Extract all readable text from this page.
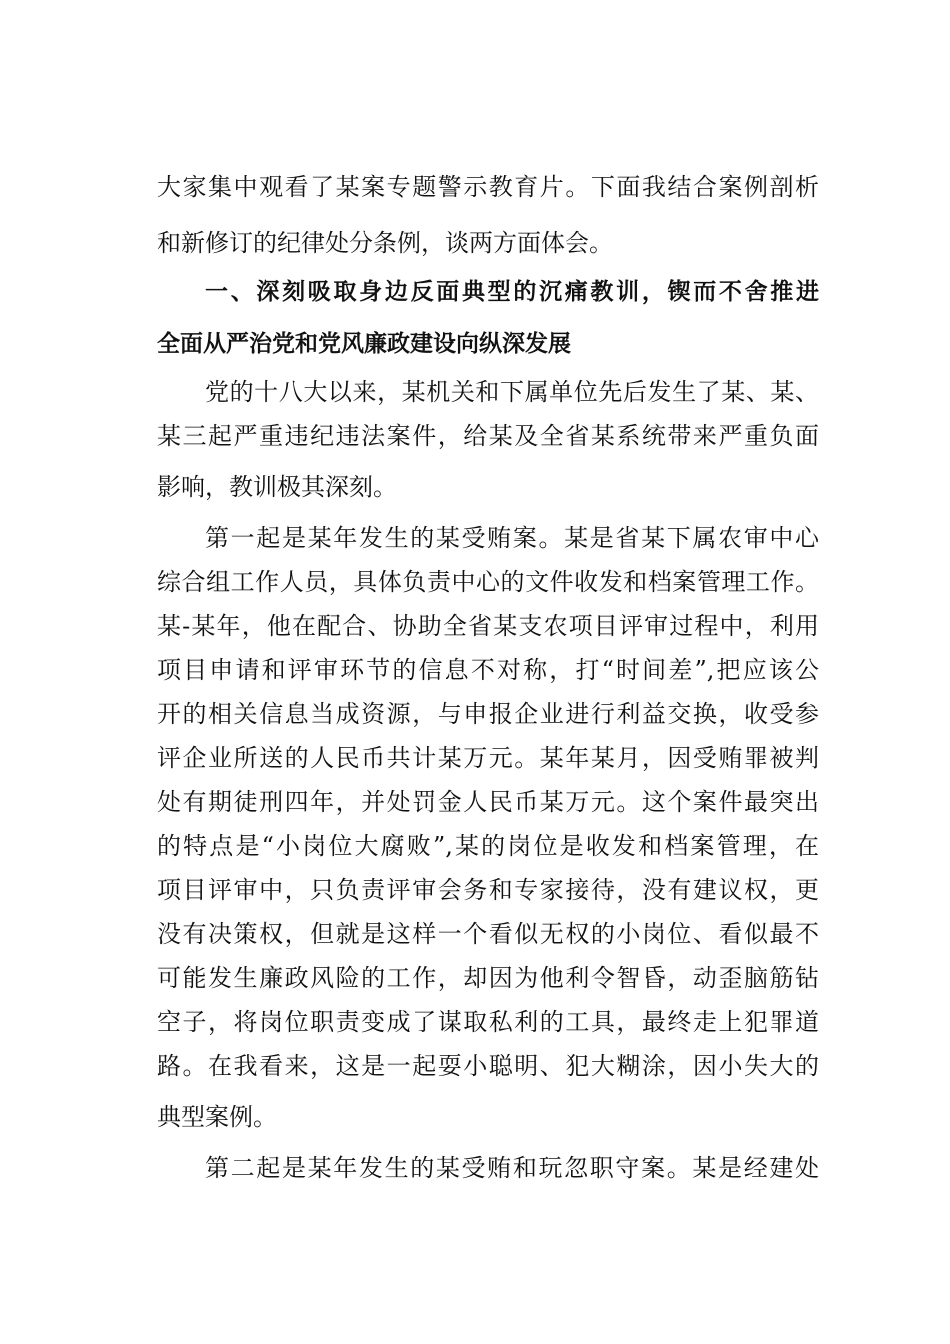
大家集中观看了某案专题警示教育片。下面我结合案例剖析
和新修订的纪律处分条例，谈两方面体会。
一、深刻吸取身边反面典型的沉痛教训，锲而不舍推进
全面从严治党和党风廉政建设向纵深发展
党的十八大以来，某机关和下属单位先后发生了某、某、
某三起严重违纪违法案件，给某及全省某系统带来严重负面
影响，教训极其深刻。
第一起是某年发生的某受贿案。某是省某下属农审中心
综合组工作人员，具体负责中心的文件收发和档案管理工作。
某-某年，他在配合、协助全省某支农项目评审过程中，利用
项目申请和评审环节的信息不对称，打“时间差”,把应该公
开的相关信息当成资源，与申报企业进行利益交换，收受参
评企业所送的人民币共计某万元。某年某月，因受贿罪被判
处有期徒刑四年，并处罚金人民币某万元。这个案件最突出
的特点是“小岗位大腐败”,某的岗位是收发和档案管理，在
项目评审中，只负责评审会务和专家接待，没有建议权，更
没有决策权，但就是这样一个看似无权的小岗位、看似最不
可能发生廉政风险的工作，却因为他利令智昏，动歪脑筋钻
空子，将岗位职责变成了谋取私利的工具，最终走上犯罪道
路。在我看来，这是一起耍小聪明、犯大糊涂，因小失大的
典型案例。
第二起是某年发生的某受贿和玩忽职守案。某是经建处
